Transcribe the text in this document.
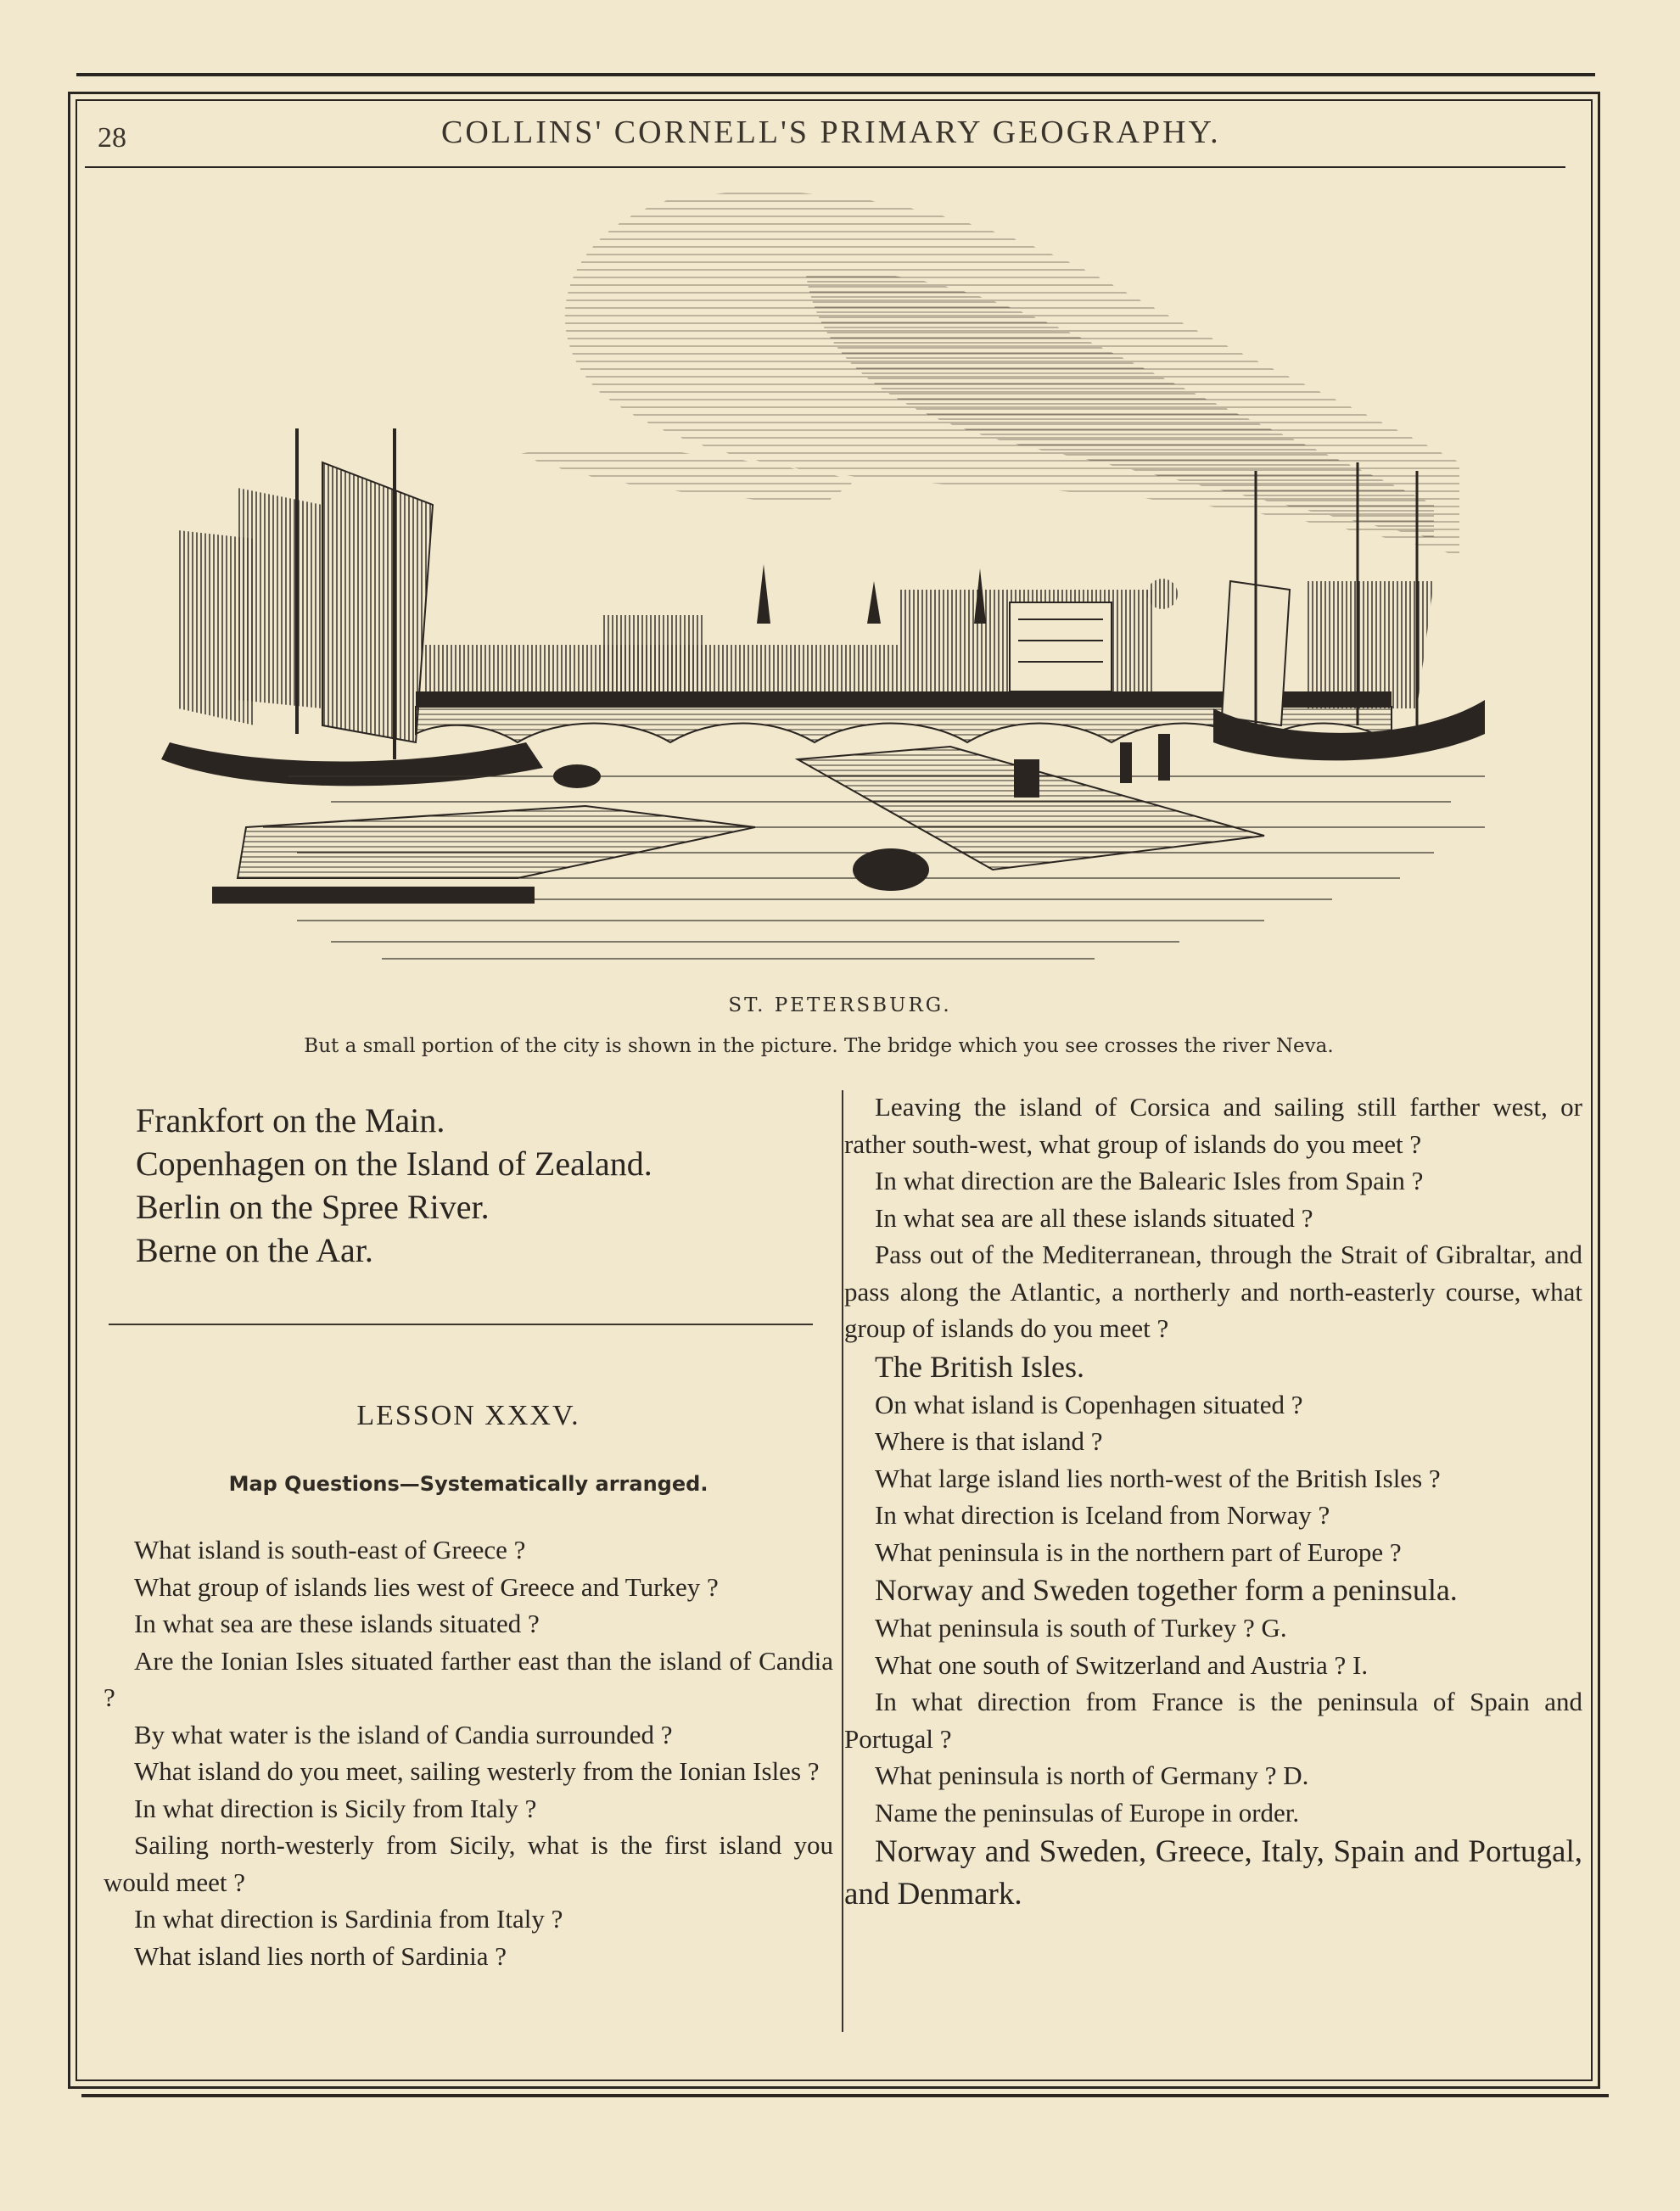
28	COLLINS' CORNELL'S PRIMARY GEOGRAPHY.
ST. PETERSBURG.
But a small portion of the city is shown in the picture. The bridge which you see crosses the river Neva.
Frankfort on the Main.
Copenhagen on the Island of Zealand.
Berlin on the Spree River.
Berne on the Aar.
LESSON XXXV.
Map Questions—Systematically arranged.

What island is south-east of Greece ?

What group of islands lies west of Greece and Turkey ?

In what sea are these islands situated ?

Are the Ionian Isles situated farther east than the island of Candia ?

By what water is the island of Candia surrounded ?

What island do you meet, sailing westerly from the Ionian Isles ?

In what direction is Sicily from Italy ?

Sailing north-westerly from Sicily, what is the first island you would meet ?

In what direction is Sardinia from Italy ?

What island lies north of Sardinia ?

Leaving the island of Corsica and sailing still farther west, or rather south-west, what group of islands do you meet ?

In what direction are the Balearic Isles from Spain ?

In what sea are all these islands situated ?

Pass out of the Mediterranean, through the Strait of Gibraltar, and pass along the Atlantic, a northerly and north-easterly course, what group of islands do you meet ?

The British Isles.

On what island is Copenhagen situated ?

Where is that island ?

What large island lies north-west of the British Isles ?

In what direction is Iceland from Norway ?

What peninsula is in the northern part of Europe ?

Norway and Sweden together form a peninsula.

What peninsula is south of Turkey ? G.

What one south of Switzerland and Austria ? I.

In what direction from France is the peninsula of Spain and Portugal ?

What peninsula is north of Germany ? D.

Name the peninsulas of Europe in order.

Norway and Sweden, Greece, Italy, Spain and Portugal, and Denmark.
